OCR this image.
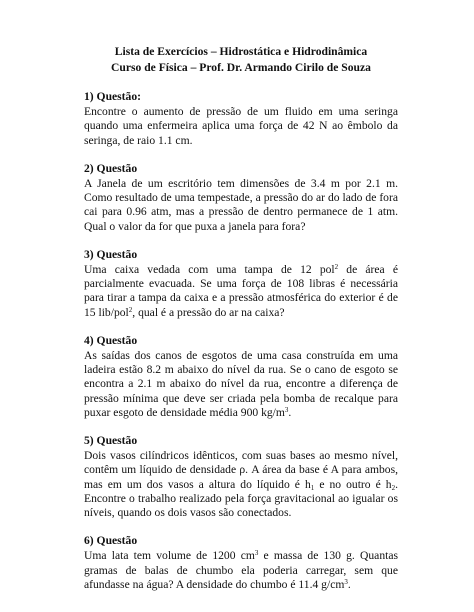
Lista de Exercícios – Hidrostática e Hidrodinâmica
Curso de Física – Prof. Dr. Armando Cirilo de Souza

1) Questão:

Encontre o aumento de pressão de um fluido em uma seringa quando uma enfermeira aplica uma força de 42 N ao êmbolo da seringa, de raio 1.1 cm.

2) Questão

A Janela de um escritório tem dimensões de 3.4 m por 2.1 m. Como resultado de uma tempestade, a pressão do ar do lado de fora cai para 0.96 atm, mas a pressão de dentro permanece de 1 atm. Qual o valor da for que puxa a janela para fora?

3) Questão

Uma caixa vedada com uma tampa de 12 pol$^2$ de área é parcialmente evacuada. Se uma força de 108 libras é necessária para tirar a tampa da caixa e a pressão atmosférica do exterior é de 15 lib/pol$^2$, qual é a pressão do ar na caixa?

4) Questão

As saídas dos canos de esgotos de uma casa construída em uma ladeira estão 8.2 m abaixo do nível da rua. Se o cano de esgoto se encontra a 2.1 m abaixo do nível da rua, encontre a diferença de pressão mínima que deve ser criada pela bomba de recalque para puxar esgoto de densidade média 900 $kg/m^3$.

5) Questão

Dois vasos cilíndricos idênticos, com suas bases ao mesmo nível, contêm um líquido de densidade ρ. A área da base é A para ambos, mas em um dos vasos a altura do líquido é $h_1$ e no outro é $h_2$. Encontre o trabalho realizado pela força gravitacional ao igualar os níveis, quando os dois vasos são conectados.

6) Questão

Uma lata tem volume de 1200 $cm^3$ e massa de 130 g. Quantas gramas de balas de chumbo ela poderia carregar, sem que afundasse na água? A densidade do chumbo é 11.4 $g/cm^3$.
